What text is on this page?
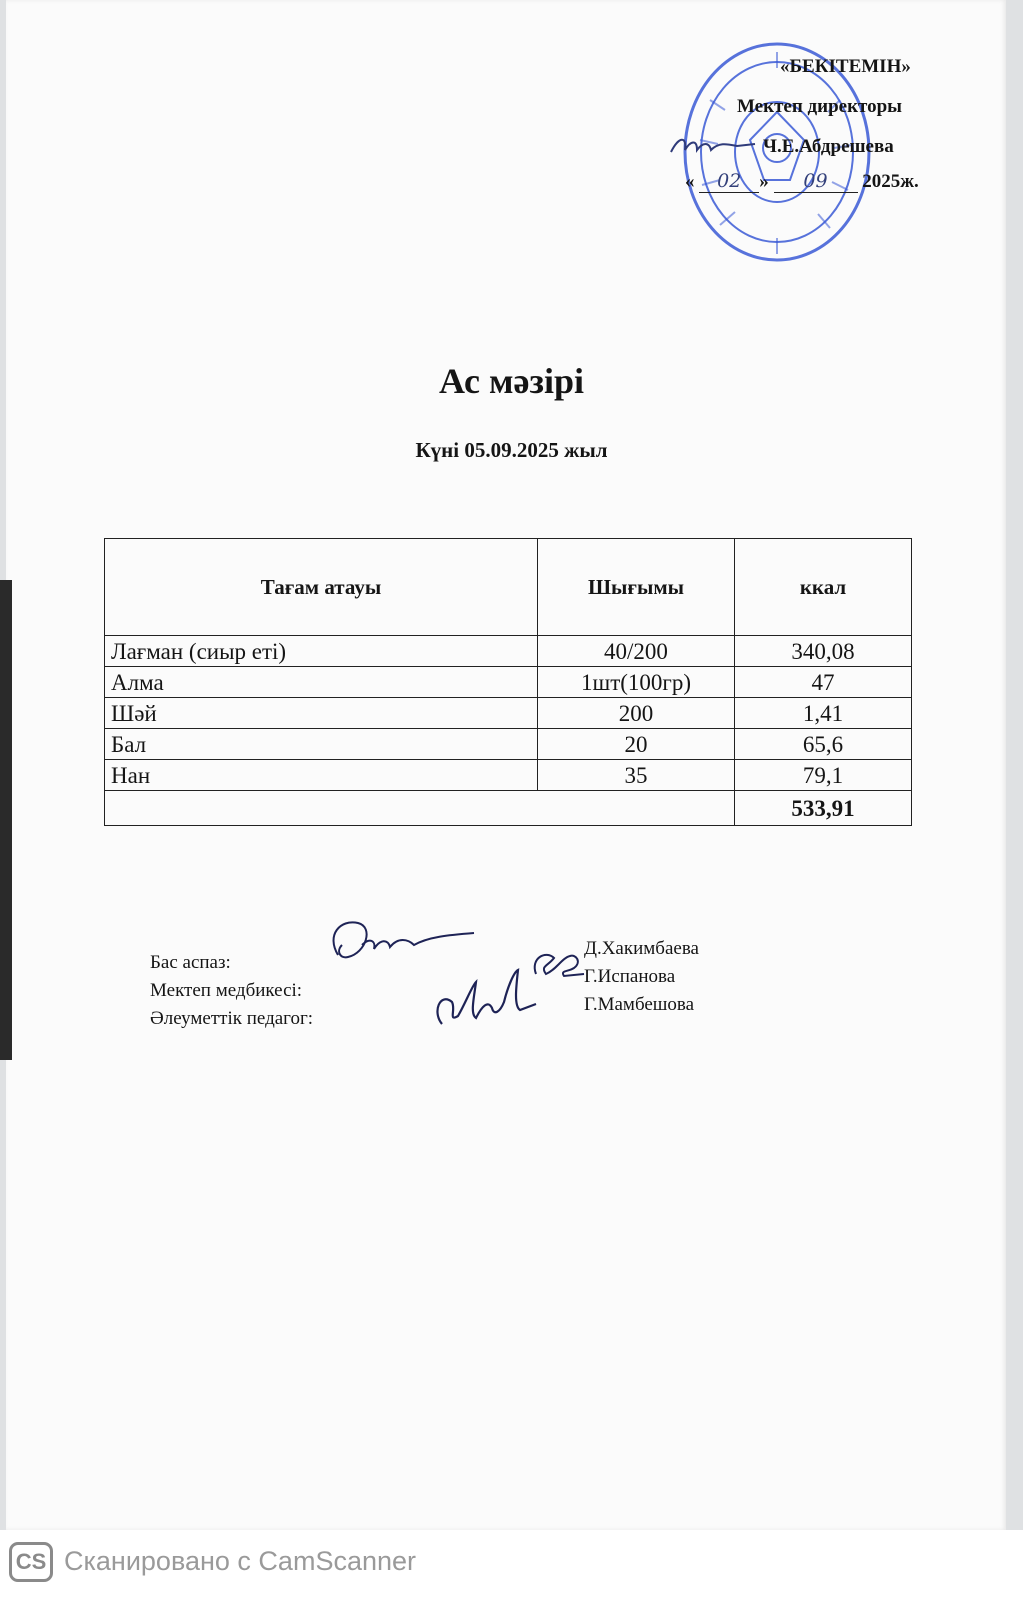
«БЕКІТЕМІН»
Мектеп директоры
Ч.Е.Абдрешева
« 02 » 09 2025ж.
Ас мәзірі
Күні 05.09.2025 жыл
Тағам атауы	Шығымы	ккал
Лағман (сиыр еті)	40/200	340,08
Алма	1шт(100гр)	47
Шәй	200	1,41
Бал	20	65,6
Нан	35	79,1
		533,91
Бас аспаз:
Мектеп медбикесі:
Әлеуметтік педагог:
Д.Хакимбаева
Г.Испанова
Г.Мамбешова
CS Сканировано с CamScanner
